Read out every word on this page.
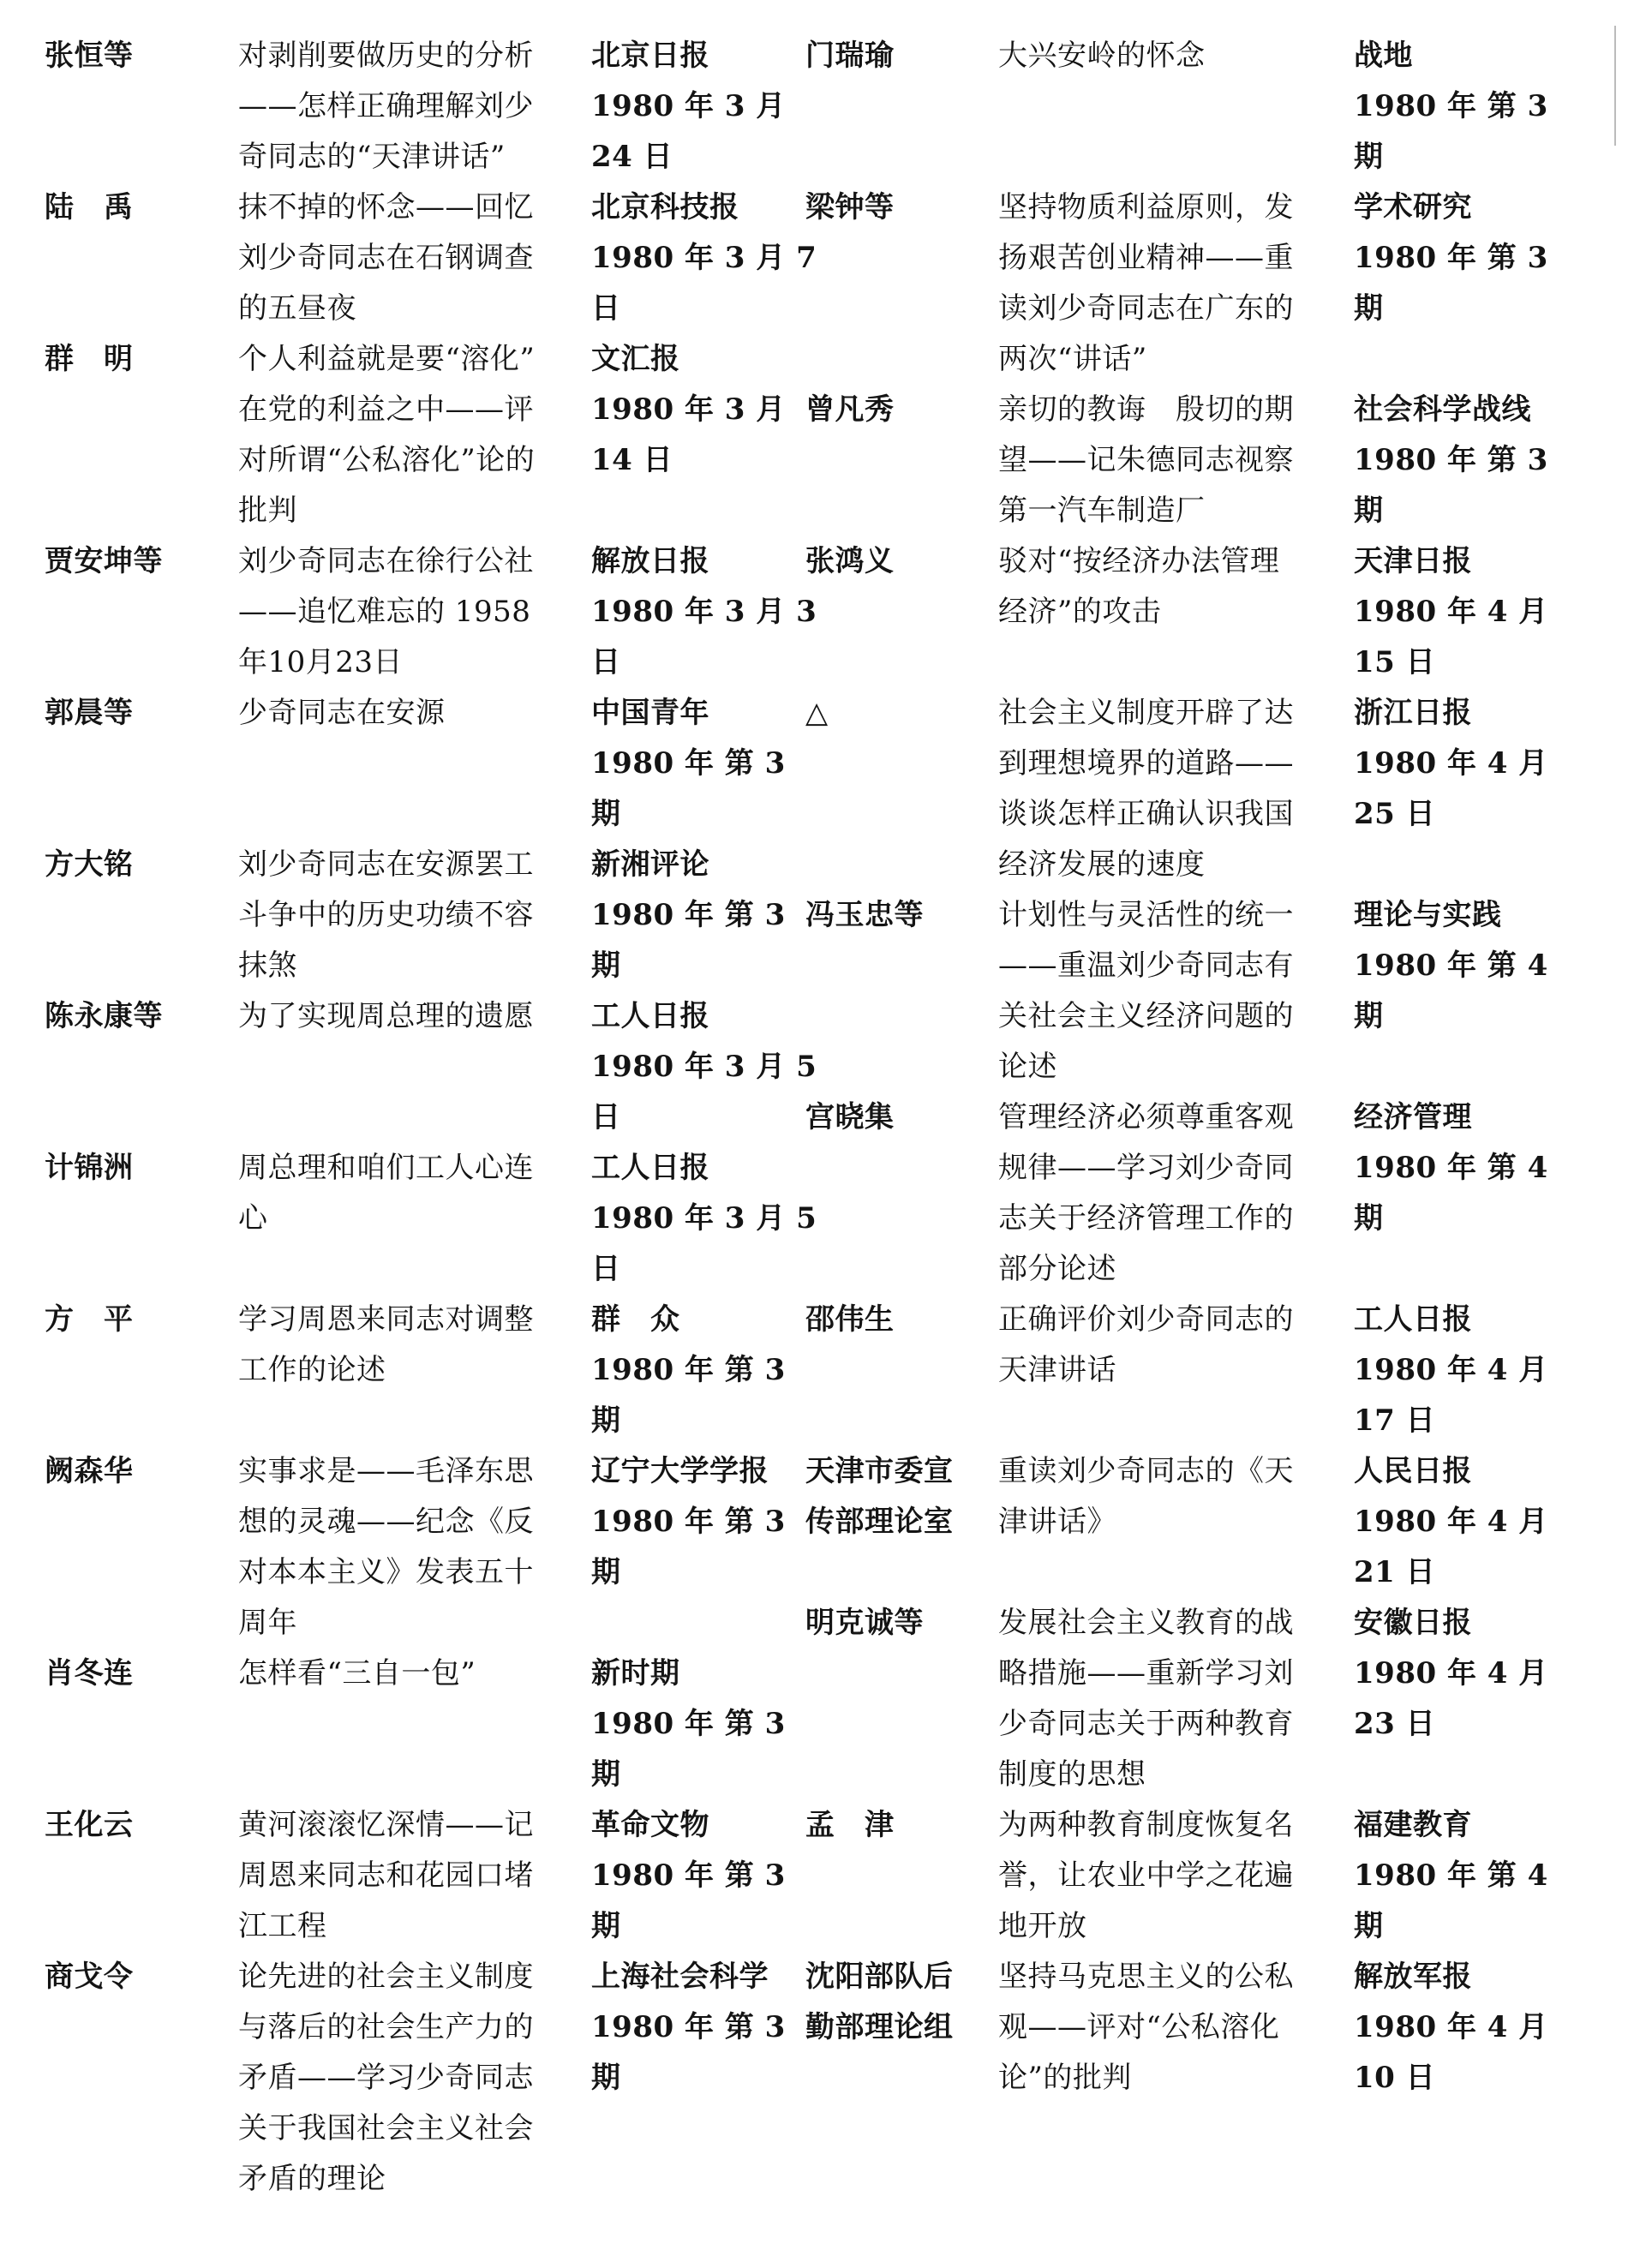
张恒等
陆　禹
群　明
贾安坤等
郭晨等
方大铭
陈永康等
计锦洲
方　平
阙森华
肖冬连
王化云
商戈令
对剥削要做历史的分析
——怎样正确理解刘少
奇同志的“天津讲话”
抹不掉的怀念——回忆
刘少奇同志在石钢调查
的五昼夜
个人利益就是要“溶化”
在党的利益之中——评
对所谓“公私溶化”论的
批判
刘少奇同志在徐行公社
——追忆难忘的 1958
年10月23日
少奇同志在安源
刘少奇同志在安源罢工
斗争中的历史功绩不容
抹煞
为了实现周总理的遗愿
周总理和咱们工人心连
心
学习周恩来同志对调整
工作的论述
实事求是——毛泽东思
想的灵魂——纪念《反
对本本主义》发表五十
周年
怎样看“三自一包”
黄河滚滚忆深情——记
周恩来同志和花园口堵
江工程
论先进的社会主义制度
与落后的社会生产力的
矛盾——学习少奇同志
关于我国社会主义社会
矛盾的理论
北京日报
1980 年 3 月
24 日
北京科技报
1980 年 3 月 7
日
文汇报
1980 年 3 月
14 日
解放日报
1980 年 3 月 3
日
中国青年
1980 年 第 3
期
新湘评论
1980 年 第 3
期
工人日报
1980 年 3 月 5
日
工人日报
1980 年 3 月 5
日
群　众
1980 年 第 3
期
辽宁大学学报
1980 年 第 3
期
新时期
1980 年 第 3
期
革命文物
1980 年 第 3
期
上海社会科学
1980 年 第 3
期
门瑞瑜
梁钟等
曾凡秀
张鸿义
△
冯玉忠等
宫晓集
邵伟生
天津市委宣
传部理论室
明克诚等
孟　津
沈阳部队后
勤部理论组
大兴安岭的怀念
坚持物质利益原则，发
扬艰苦创业精神——重
读刘少奇同志在广东的
两次“讲话”
亲切的教诲　殷切的期
望——记朱德同志视察
第一汽车制造厂
驳对“按经济办法管理
经济”的攻击
社会主义制度开辟了达
到理想境界的道路——
谈谈怎样正确认识我国
经济发展的速度
计划性与灵活性的统一
——重温刘少奇同志有
关社会主义经济问题的
论述
管理经济必须尊重客观
规律——学习刘少奇同
志关于经济管理工作的
部分论述
正确评价刘少奇同志的
天津讲话
重读刘少奇同志的《天
津讲话》
发展社会主义教育的战
略措施——重新学习刘
少奇同志关于两种教育
制度的思想
为两种教育制度恢复名
誉，让农业中学之花遍
地开放
坚持马克思主义的公私
观——评对“公私溶化
论”的批判
战地
1980 年 第 3
期
学术研究
1980 年 第 3
期
社会科学战线
1980 年 第 3
期
天津日报
1980 年 4 月
15 日
浙江日报
1980 年 4 月
25 日
理论与实践
1980 年 第 4
期
经济管理
1980 年 第 4
期
工人日报
1980 年 4 月
17 日
人民日报
1980 年 4 月
21 日
安徽日报
1980 年 4 月
23 日
福建教育
1980 年 第 4
期
解放军报
1980 年 4 月
10 日
